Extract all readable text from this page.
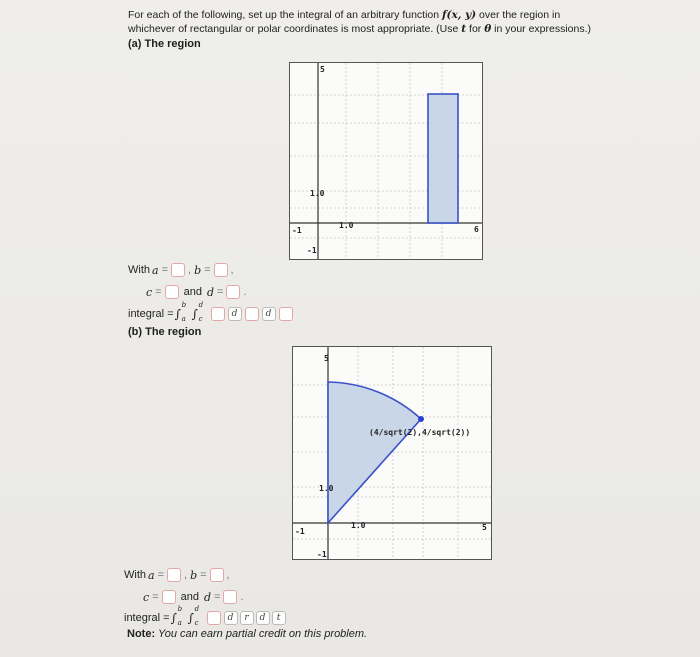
For each of the following, set up the integral of an arbitrary function f(x, y) over the region in
whichever of rectangular or polar coordinates is most appropriate. (Use t for θ in your expressions.)
(a) The region
5
6
-1
-1
1.0
1.0
With a = , b = ,
c = and d = .
integral = ∫
b
a ∫
d
c	d	d
(b) The region
(4/sqrt(2),4/sqrt(2))
5
5
-1
-1
1.0
1.0
With a = , b = ,
c = and d = .
integral = ∫
b
a ∫
d
c	d	r	d	t
Note: You can earn partial credit on this problem.
